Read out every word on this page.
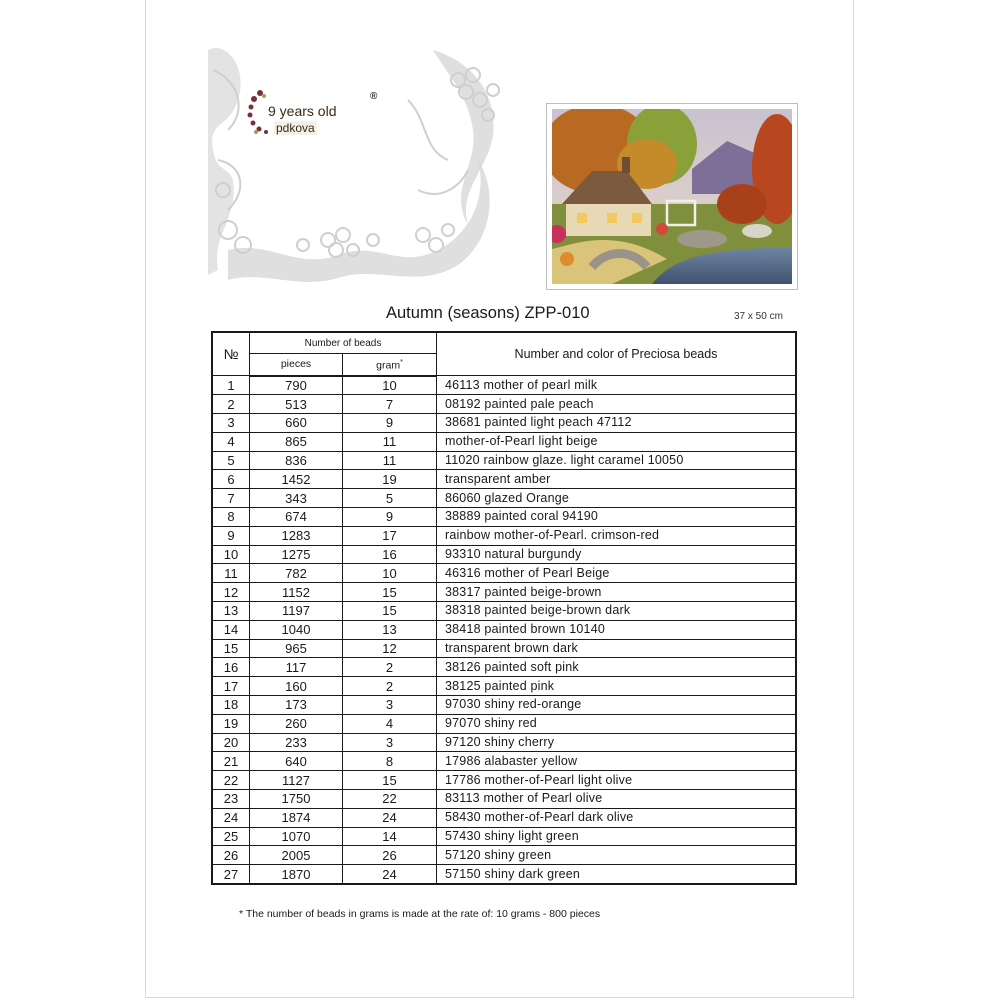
9 years old
pdkova
®
Autumn (seasons) ZPP-010	37 x 50 cm
№	Number of beads		Number and color of Preciosa beads
	pieces	gram*
1	790	10	46113 mother of pearl milk
2	513	7	08192 painted pale peach
3	660	9	38681 painted light peach 47112
4	865	11	mother-of-Pearl light beige
5	836	11	11020 rainbow glaze. light caramel 10050
6	1452	19	transparent amber
7	343	5	86060 glazed Orange
8	674	9	38889 painted coral 94190
9	1283	17	rainbow mother-of-Pearl. crimson-red
10	1275	16	93310 natural burgundy
11	782	10	46316 mother of Pearl Beige
12	1152	15	38317 painted beige-brown
13	1197	15	38318 painted beige-brown dark
14	1040	13	38418 painted brown 10140
15	965	12	transparent brown dark
16	117	2	38126 painted soft pink
17	160	2	38125 painted pink
18	173	3	97030 shiny red-orange
19	260	4	97070 shiny red
20	233	3	97120 shiny cherry
21	640	8	17986 alabaster yellow
22	1127	15	17786 mother-of-Pearl light olive
23	1750	22	83113 mother of Pearl olive
24	1874	24	58430 mother-of-Pearl dark olive
25	1070	14	57430 shiny light green
26	2005	26	57120 shiny green
27	1870	24	57150 shiny dark green
* The number of beads in grams is made at the rate of: 10 grams - 800 pieces
